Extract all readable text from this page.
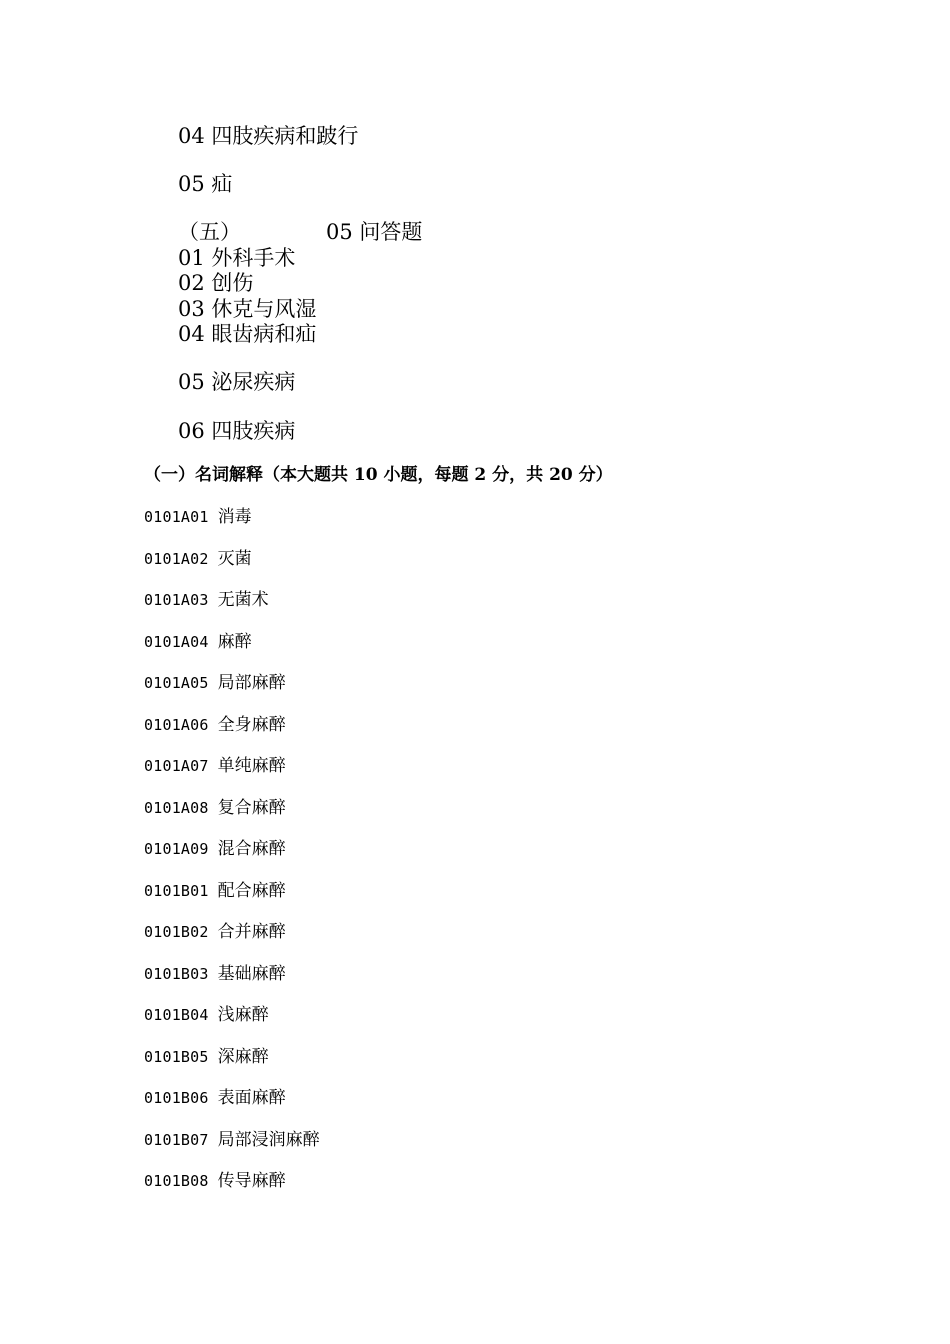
04 四肢疾病和跛行
05 疝
（五）	05 问答题
01 外科手术
02 创伤
03 休克与风湿
04 眼齿病和疝
05 泌尿疾病
06 四肢疾病
（一）名词解释（本大题共 10 小题，每题 2 分，共 20 分）
0101A01 消毒
0101A02 灭菌
0101A03 无菌术
0101A04 麻醉
0101A05 局部麻醉
0101A06 全身麻醉
0101A07 单纯麻醉
0101A08 复合麻醉
0101A09 混合麻醉
0101B01 配合麻醉
0101B02 合并麻醉
0101B03 基础麻醉
0101B04 浅麻醉
0101B05 深麻醉
0101B06 表面麻醉
0101B07 局部浸润麻醉
0101B08 传导麻醉
